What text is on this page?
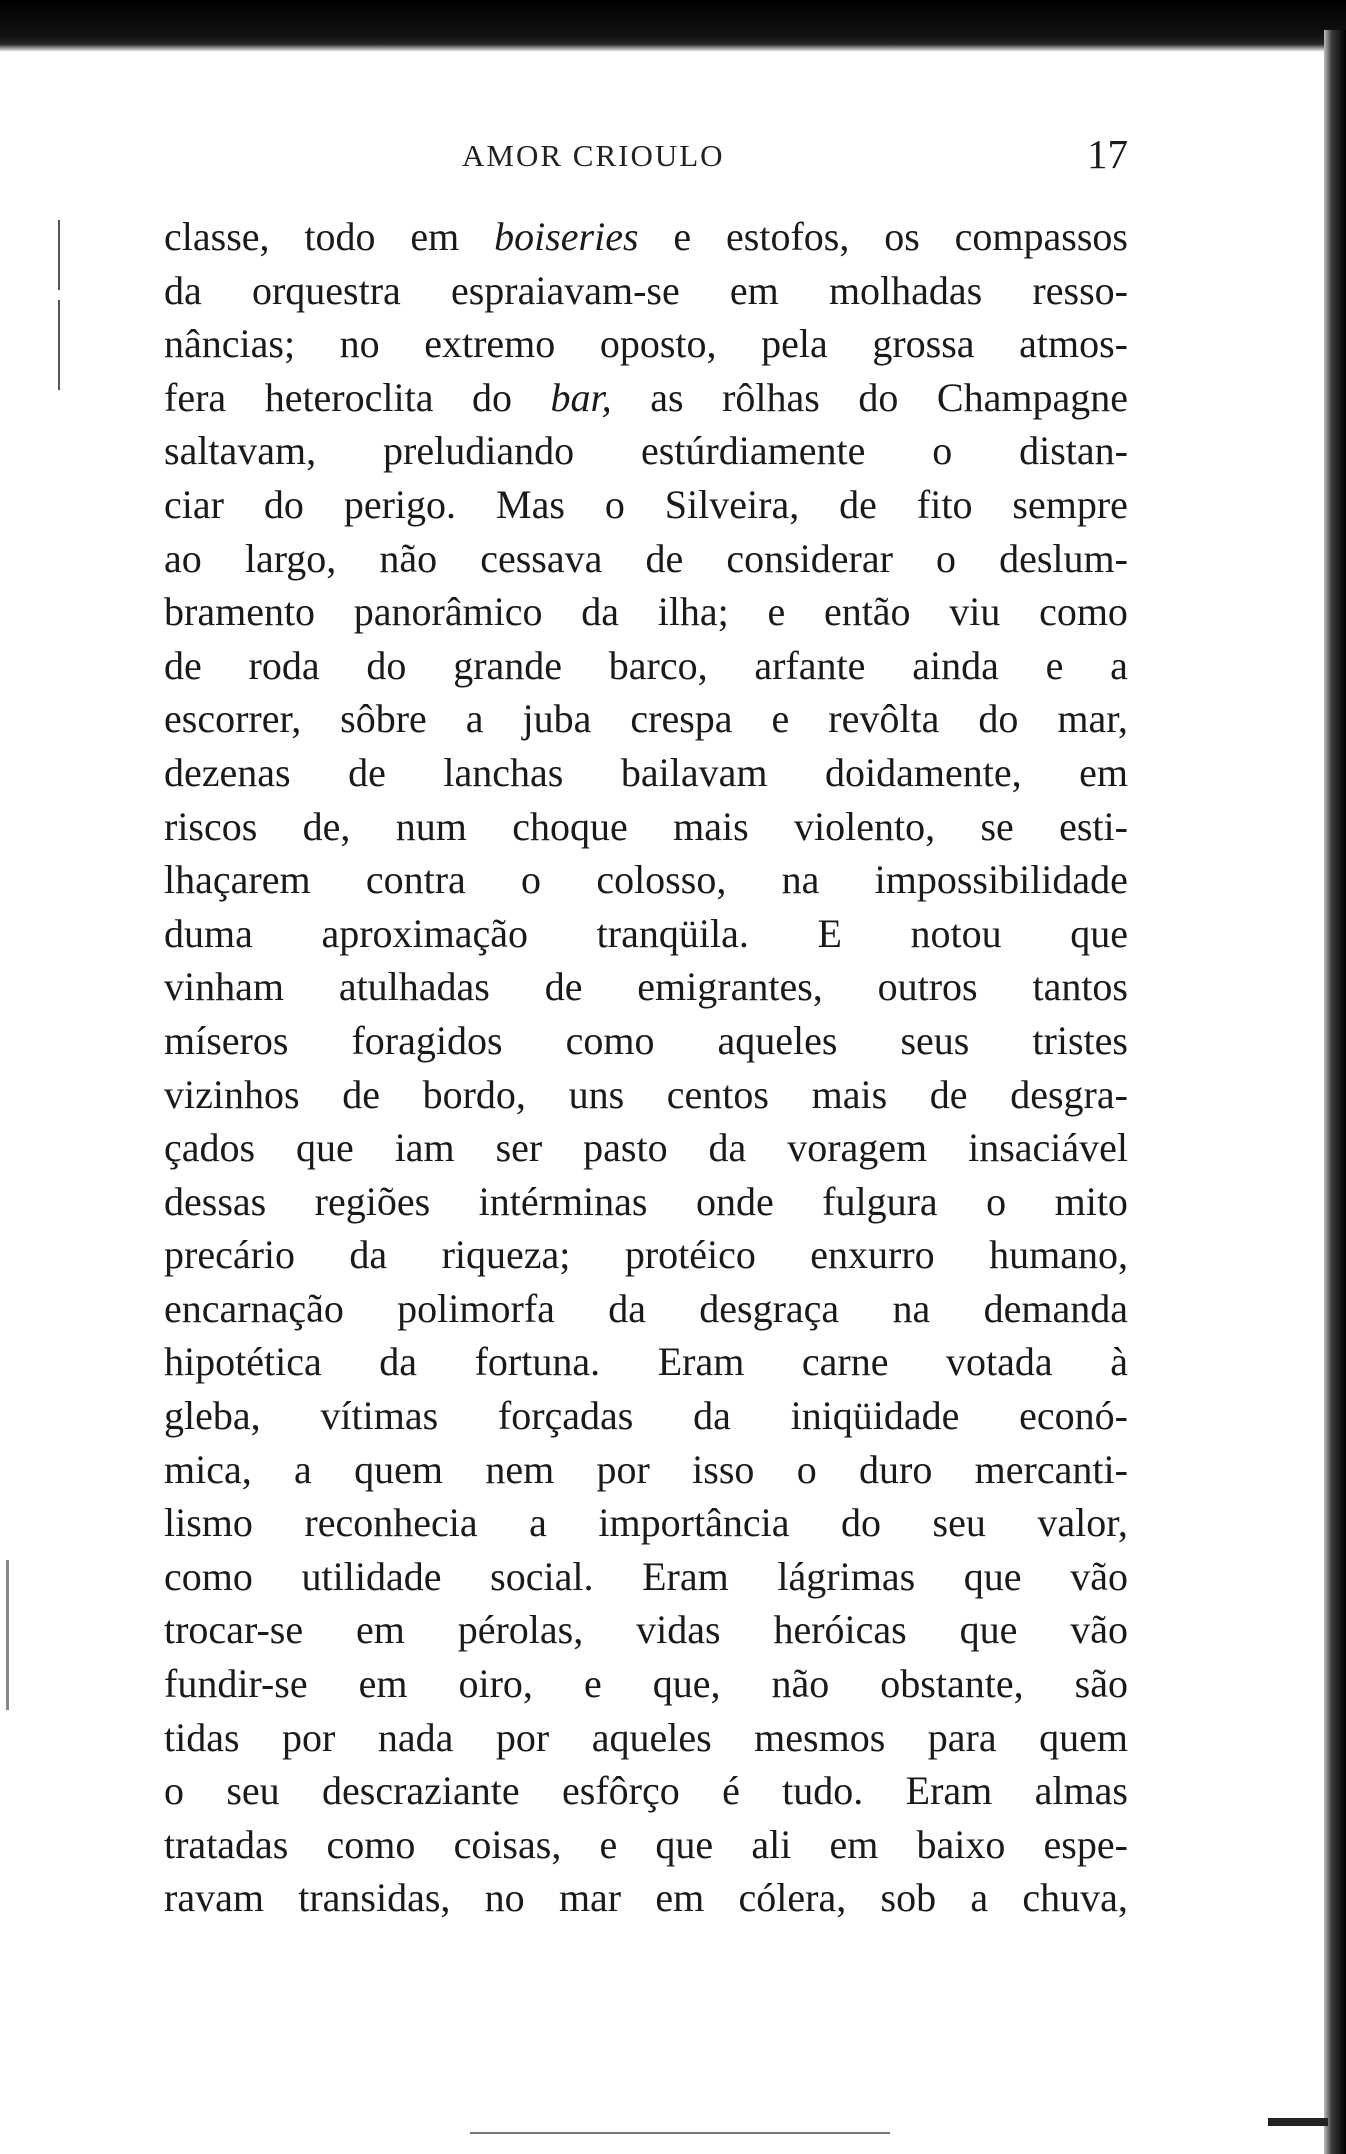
AMOR CRIOULO	17
classe, todo em boiseries e estofos, os compassos
da orquestra espraiavam-se em molhadas resso-
nâncias; no extremo oposto, pela grossa atmos-
fera heteroclita do bar, as rôlhas do Champagne
saltavam, preludiando estúrdiamente o distan-
ciar do perigo. Mas o Silveira, de fito sempre
ao largo, não cessava de considerar o deslum-
bramento panorâmico da ilha; e então viu como
de roda do grande barco, arfante ainda e a
escorrer, sôbre a juba crespa e revôlta do mar,
dezenas de lanchas bailavam doidamente, em
riscos de, num choque mais violento, se esti-
lhaçarem contra o colosso, na impossibilidade
duma aproximação tranqüila. E notou que
vinham atulhadas de emigrantes, outros tantos
míseros foragidos como aqueles seus tristes
vizinhos de bordo, uns centos mais de desgra-
çados que iam ser pasto da voragem insaciável
dessas regiões intérminas onde fulgura o mito
precário da riqueza; protéico enxurro humano,
encarnação polimorfa da desgraça na demanda
hipotética da fortuna. Eram carne votada à
gleba, vítimas forçadas da iniqüidade econó-
mica, a quem nem por isso o duro mercanti-
lismo reconhecia a importância do seu valor,
como utilidade social. Eram lágrimas que vão
trocar-se em pérolas, vidas heróicas que vão
fundir-se em oiro, e que, não obstante, são
tidas por nada por aqueles mesmos para quem
o seu descraziante esfôrço é tudo. Eram almas
tratadas como coisas, e que ali em baixo espe-
ravam transidas, no mar em cólera, sob a chuva,
